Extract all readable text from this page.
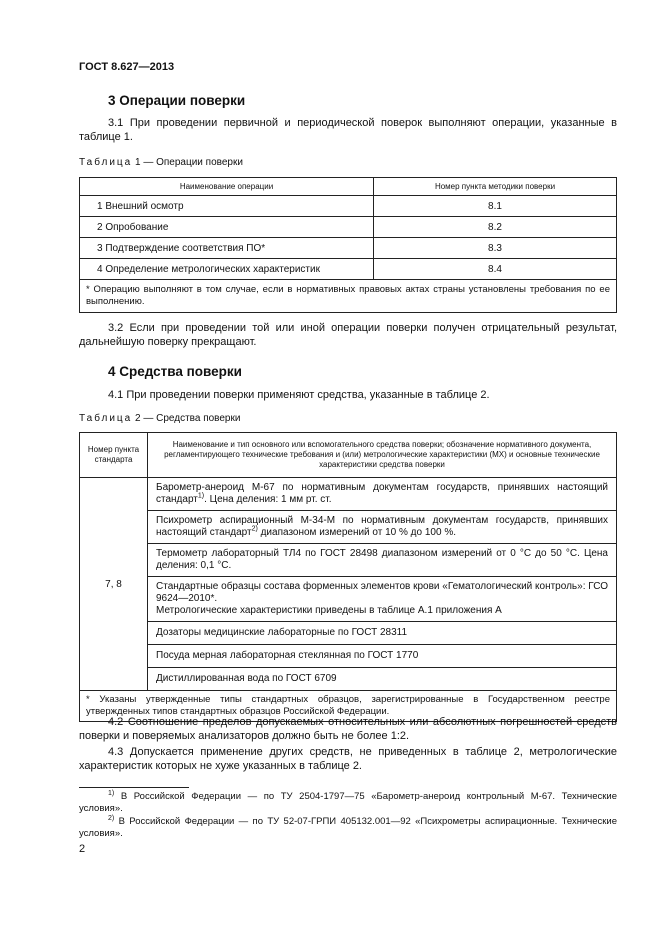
ГОСТ 8.627—2013
3 Операции поверки
3.1 При проведении первичной и периодической поверок выполняют операции, указанные в таблице 1.
Таблица 1 — Операции поверки
Наименование операции	Номер пункта методики поверки
1 Внешний осмотр	8.1
2 Опробование	8.2
3 Подтверждение соответствия ПО*	8.3
4 Определение метрологических характеристик	8.4
* Операцию выполняют в том случае, если в нормативных правовых актах страны установлены требования по ее выполнению.	
3.2 Если при проведении той или иной операции поверки получен отрицательный результат, дальнейшую поверку прекращают.
4 Средства поверки
4.1 При проведении поверки применяют средства, указанные в таблице 2.
Таблица 2 — Средства поверки
Номер пункта стандарта	Наименование и тип основного или вспомогательного средства поверки; обозначение нормативного документа, регламентирующего технические требования и (или) метрологические характеристики (МХ) и основные технические характеристики средства поверки
7, 8	Барометр-анероид М-67 по нормативным документам государств, принявших настоящий стандарт$^{1)}$. Цена деления: 1 мм рт. ст.
	Психрометр аспирационный М-34-М по нормативным документам государств, принявших настоящий стандарт$^{2)}$ диапазоном измерений от 10 % до 100 %.
	Термометр лабораторный ТЛ4 по ГОСТ 28498 диапазоном измерений от 0 °С до 50 °С. Цена деления: 0,1 °С.

	Стандартные образцы состава форменных элементов крови «Гематологический контроль»: ГСО 9624—2010*.
Метрологические характеристики приведены в таблице А.1 приложения А

	Дозаторы медицинские лабораторные по ГОСТ 28311
	Посуда мерная лабораторная стеклянная по ГОСТ 1770
	Дистиллированная вода по ГОСТ 6709
* Указаны утвержденные типы стандартных образцов, зарегистрированные в Государственном реестре утвержденных типов стандартных образцов Российской Федерации.	
4.2 Соотношение пределов допускаемых относительных или абсолютных погрешностей средств поверки и поверяемых анализаторов должно быть не более 1:2.
4.3 Допускается применение других средств, не приведенных в таблице 2, метрологические характеристик которых не хуже указанных в таблице 2.
$^{1)}$ В Российской Федерации — по ТУ 2504-1797—75 «Барометр-анероид контрольный М-67. Технические условия».
$^{2)}$ В Российской Федерации — по ТУ 52-07-ГРПИ 405132.001—92 «Психрометры аспирационные. Технические условия».
2
